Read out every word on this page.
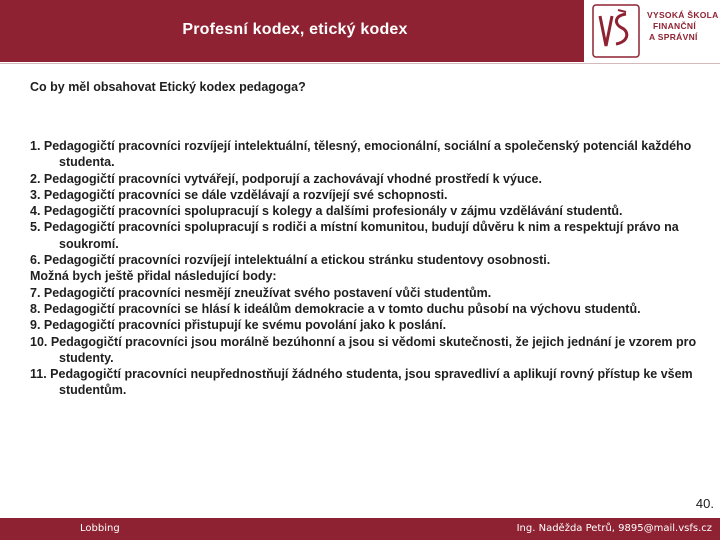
Profesní kodex, etický kodex
VYSOKÁ ŠKOLA
FINANČNÍ
A SPRÁVNÍ
Co by měl obsahovat Etický kodex pedagoga?

1. Pedagogičtí pracovníci rozvíjejí intelektuální, tělesný, emocionální, sociální a společenský potenciál každého studenta.

2. Pedagogičtí pracovníci vytvářejí, podporují a zachovávají vhodné prostředí k výuce.

3. Pedagogičtí pracovníci se dále vzdělávají a rozvíjejí své schopnosti.

4. Pedagogičtí pracovníci spolupracují s kolegy a dalšími profesionály v zájmu vzdělávání studentů.

5. Pedagogičtí pracovníci spolupracují s rodiči a místní komunitou, budují důvěru k nim a respektují právo na soukromí.

6. Pedagogičtí pracovníci rozvíjejí intelektuální a etickou stránku studentovy osobnosti.

Možná bych ještě přidal následující body:

7. Pedagogičtí pracovníci nesmějí zneužívat svého postavení vůči studentům.

8. Pedagogičtí pracovníci se hlásí k ideálům demokracie a v tomto duchu působí na výchovu studentů.

9. Pedagogičtí pracovníci přistupují ke svému povolání jako k poslání.

10. Pedagogičtí pracovníci jsou morálně bezúhonní a jsou si vědomi skutečnosti, že jejich jednání je vzorem pro studenty.

11. Pedagogičtí pracovníci neupřednostňují žádného studenta, jsou spravedliví a aplikují rovný přístup ke všem studentům.

40.
Lobbing	Ing. Naděžda Petrů, 9895@mail.vsfs.cz
